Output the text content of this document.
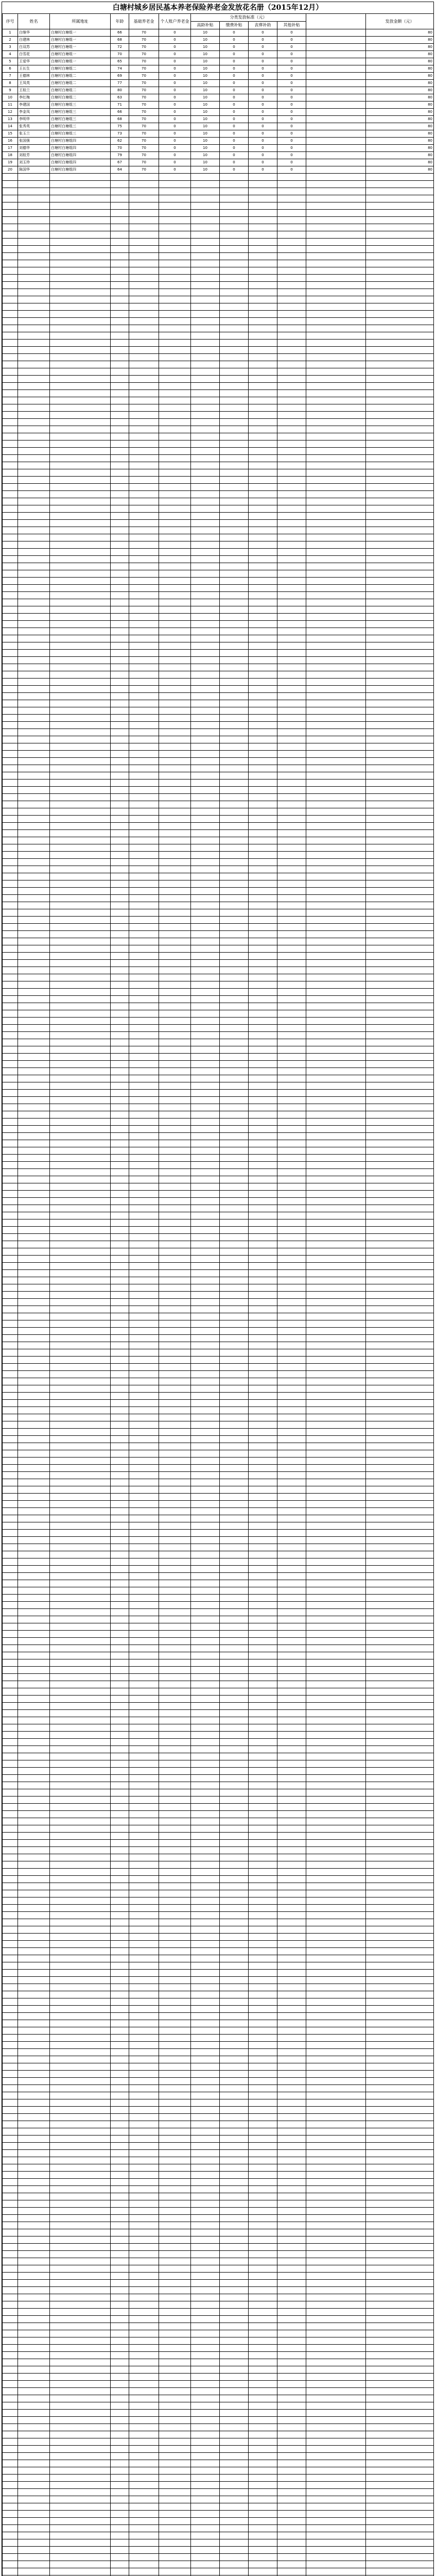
白塘村城乡居民基本养老保险养老金发放花名册（2015年12月）
序号	姓名	所属地址	年龄	基础养老金	个人账户养老金	分类发放标准（元）					发放金额（元）
						高龄补贴	缴费补贴	丧葬补助	其他补贴		
1	白继华	白塘村白塘组一	66	70	0	10	0	0	0		80
2	白建林	白塘村白塘组一	68	70	0	10	0	0	0		80
3	白双苏	白塘村白塘组一	72	70	0	10	0	0	0		80
4	白雪花	白塘村白塘组一	70	70	0	10	0	0	0		80
5	王爱华	白塘村白塘组一	65	70	0	10	0	0	0		80
6	王长生	白塘村白塘组二	74	70	0	10	0	0	0		80
7	王德林	白塘村白塘组二	69	70	0	10	0	0	0		80
8	王凤英	白塘村白塘组二	77	70	0	10	0	0	0		80
9	王桂兰	白塘村白塘组二	80	70	0	10	0	0	0		80
10	李红梅	白塘村白塘组二	63	70	0	10	0	0	0		80
11	李建国	白塘村白塘组三	71	70	0	10	0	0	0		80
12	李金凤	白塘村白塘组三	66	70	0	10	0	0	0		80
13	李明华	白塘村白塘组三	68	70	0	10	0	0	0		80
14	张秀英	白塘村白塘组三	75	70	0	10	0	0	0		80
15	张玉兰	白塘村白塘组三	73	70	0	10	0	0	0		80
16	张国强	白塘村白塘组四	62	70	0	10	0	0	0		80
17	刘德华	白塘村白塘组四	70	70	0	10	0	0	0		80
18	刘桂芳	白塘村白塘组四	79	70	0	10	0	0	0		80
19	刘玉珍	白塘村白塘组四	67	70	0	10	0	0	0		80
20	陈国华	白塘村白塘组四	64	70	0	10	0	0	0		80
